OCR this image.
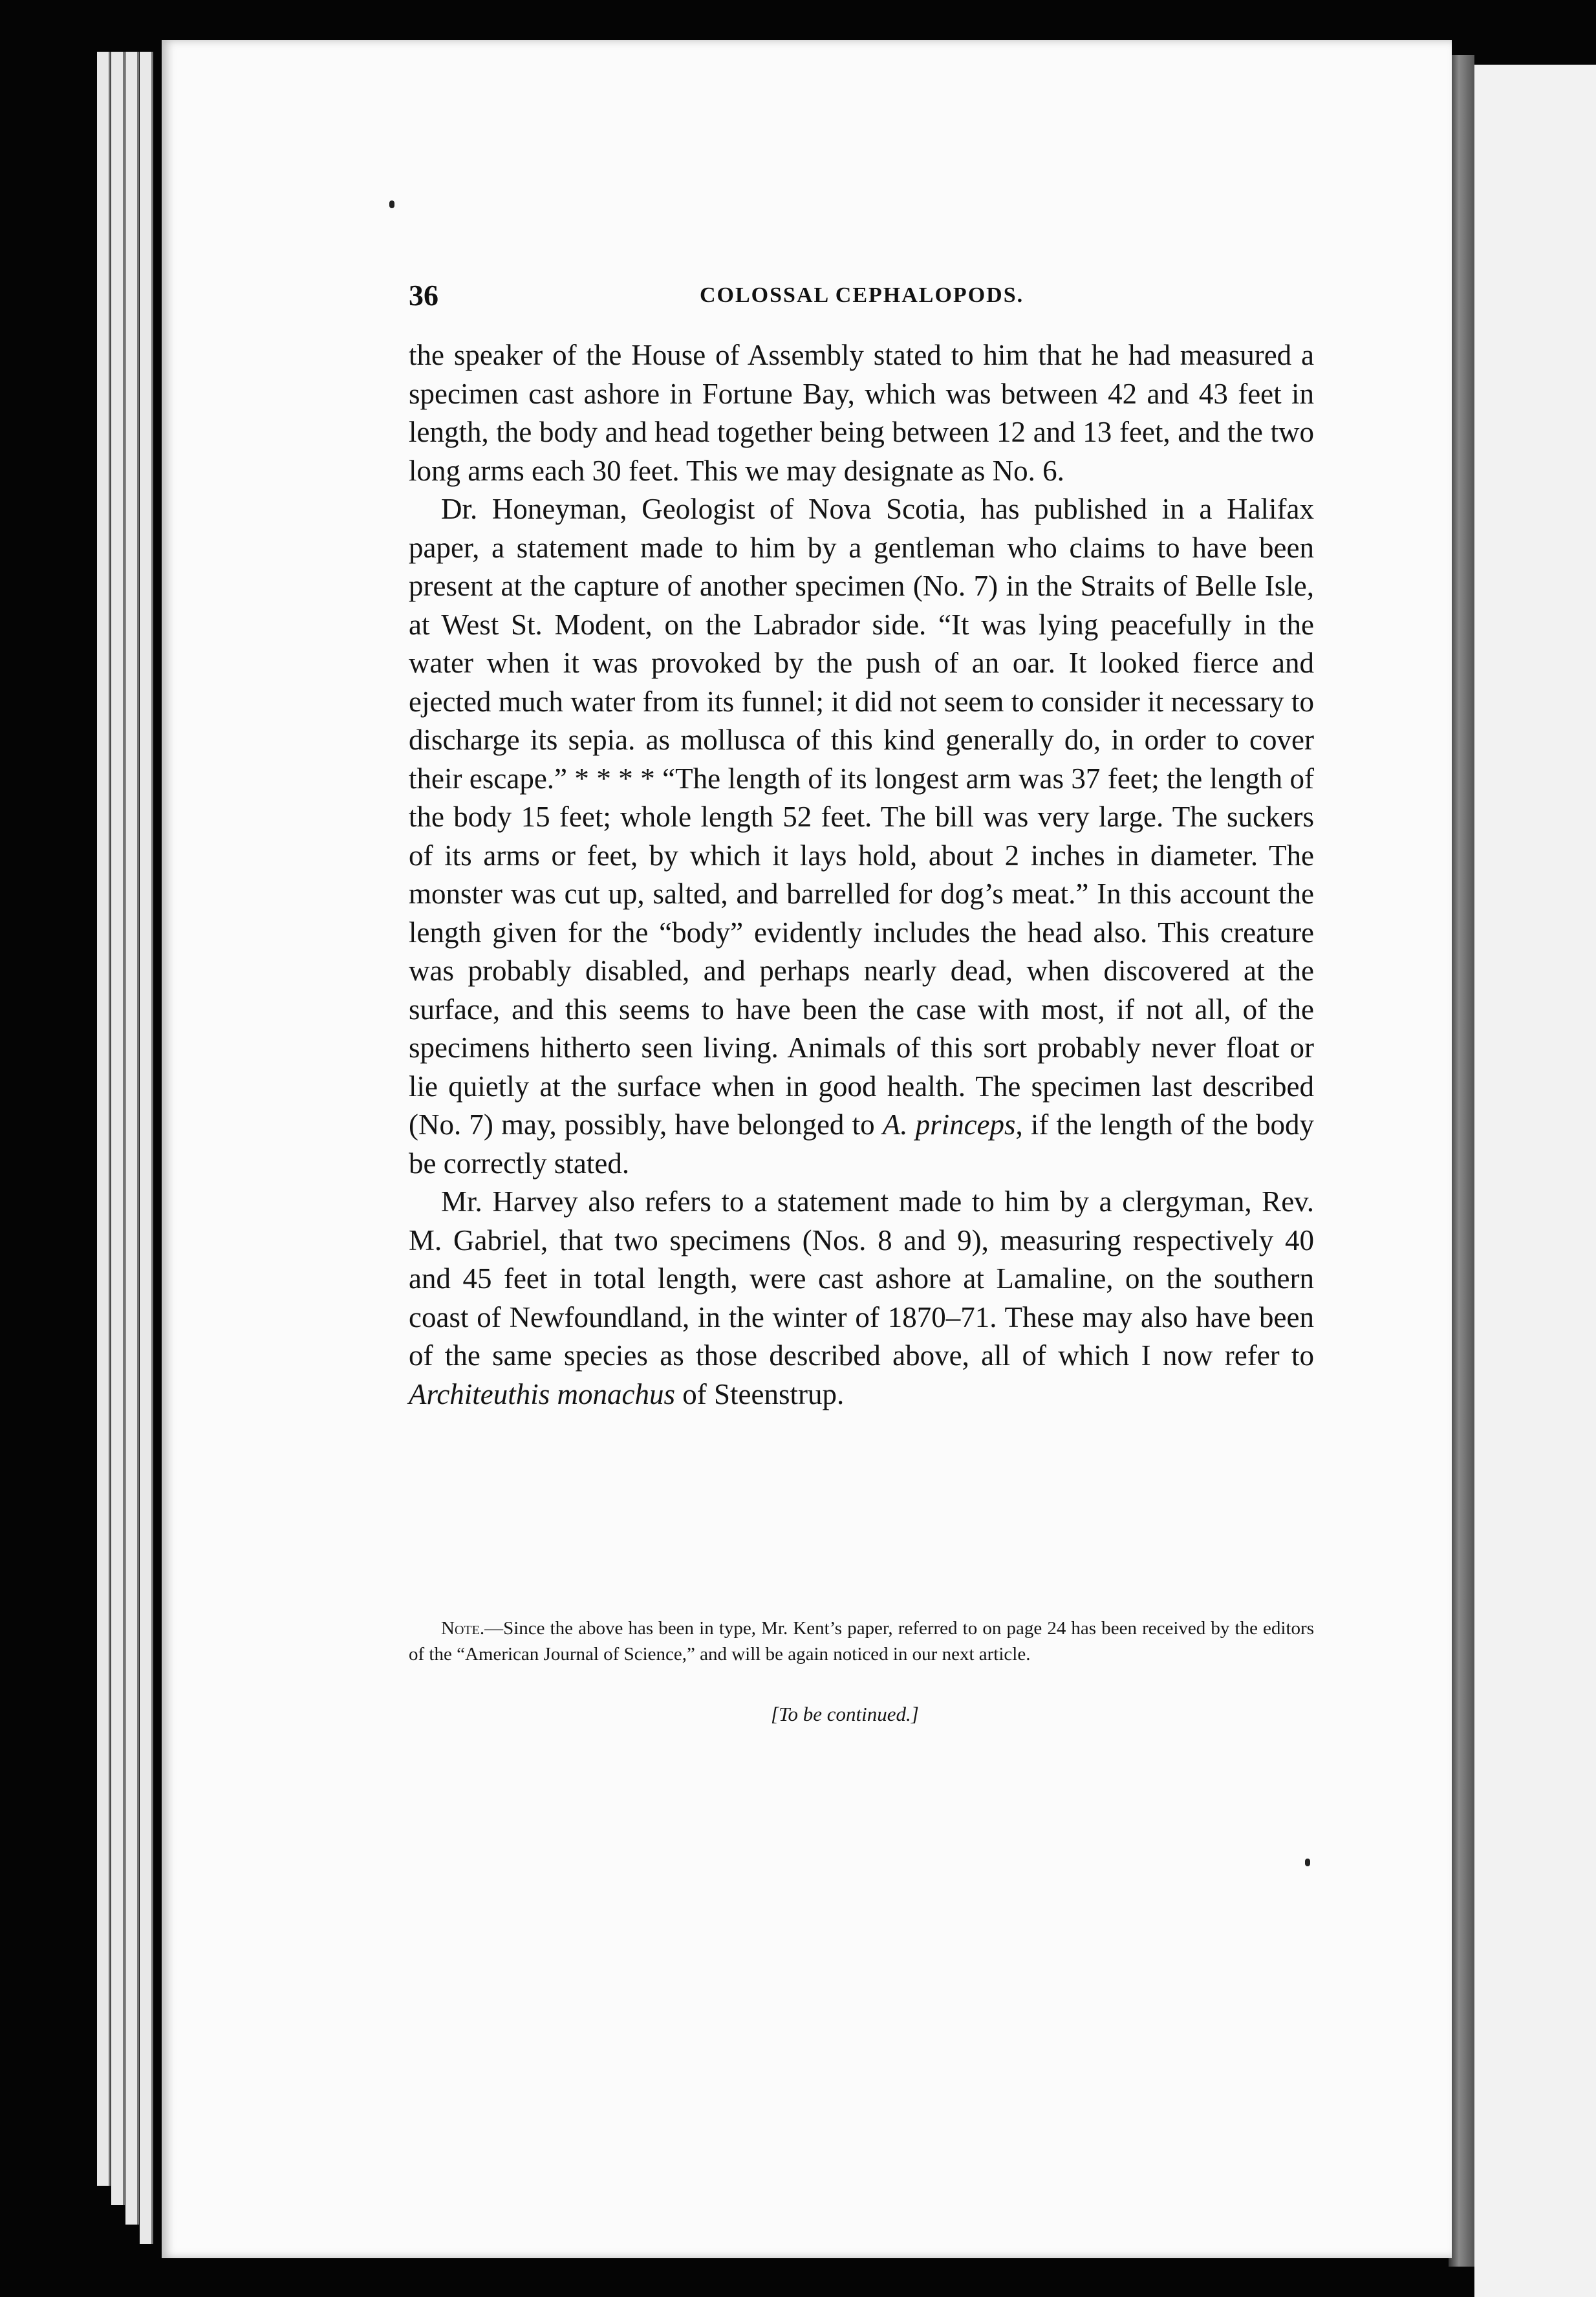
36	COLOSSAL CEPHALOPODS.

the speaker of the House of Assembly stated to him that he had measured a specimen cast ashore in Fortune Bay, which was between 42 and 43 feet in length, the body and head together being between 12 and 13 feet, and the two long arms each 30 feet. This we may designate as No. 6.

Dr. Honeyman, Geologist of Nova Scotia, has published in a Halifax paper, a statement made to him by a gentleman who claims to have been present at the capture of another specimen (No. 7) in the Straits of Belle Isle, at West St. Modent, on the Labrador side. “It was lying peacefully in the water when it was provoked by the push of an oar. It looked fierce and ejected much water from its funnel; it did not seem to consider it necessary to discharge its sepia. as mollusca of this kind generally do, in order to cover their escape.” * * * * “The length of its longest arm was 37 feet; the length of the body 15 feet; whole length 52 feet. The bill was very large. The suckers of its arms or feet, by which it lays hold, about 2 inches in diameter. The monster was cut up, salted, and barrelled for dog’s meat.” In this account the length given for the “body” evidently includes the head also. This creature was probably disabled, and perhaps nearly dead, when discovered at the surface, and this seems to have been the case with most, if not all, of the specimens hitherto seen living. Animals of this sort probably never float or lie quietly at the surface when in good health. The specimen last described (No. 7) may, possibly, have belonged to A. princeps, if the length of the body be correctly stated.

Mr. Harvey also refers to a statement made to him by a clergyman, Rev. M. Gabriel, that two specimens (Nos. 8 and 9), measuring respectively 40 and 45 feet in total length, were cast ashore at Lamaline, on the southern coast of Newfoundland, in the winter of 1870–71. These may also have been of the same species as those described above, all of which I now refer to Architeuthis monachus of Steenstrup.

Note.—Since the above has been in type, Mr. Kent’s paper, referred to on page 24 has been received by the editors of the “American Journal of Science,” and will be again noticed in our next article.
[To be continued.]
